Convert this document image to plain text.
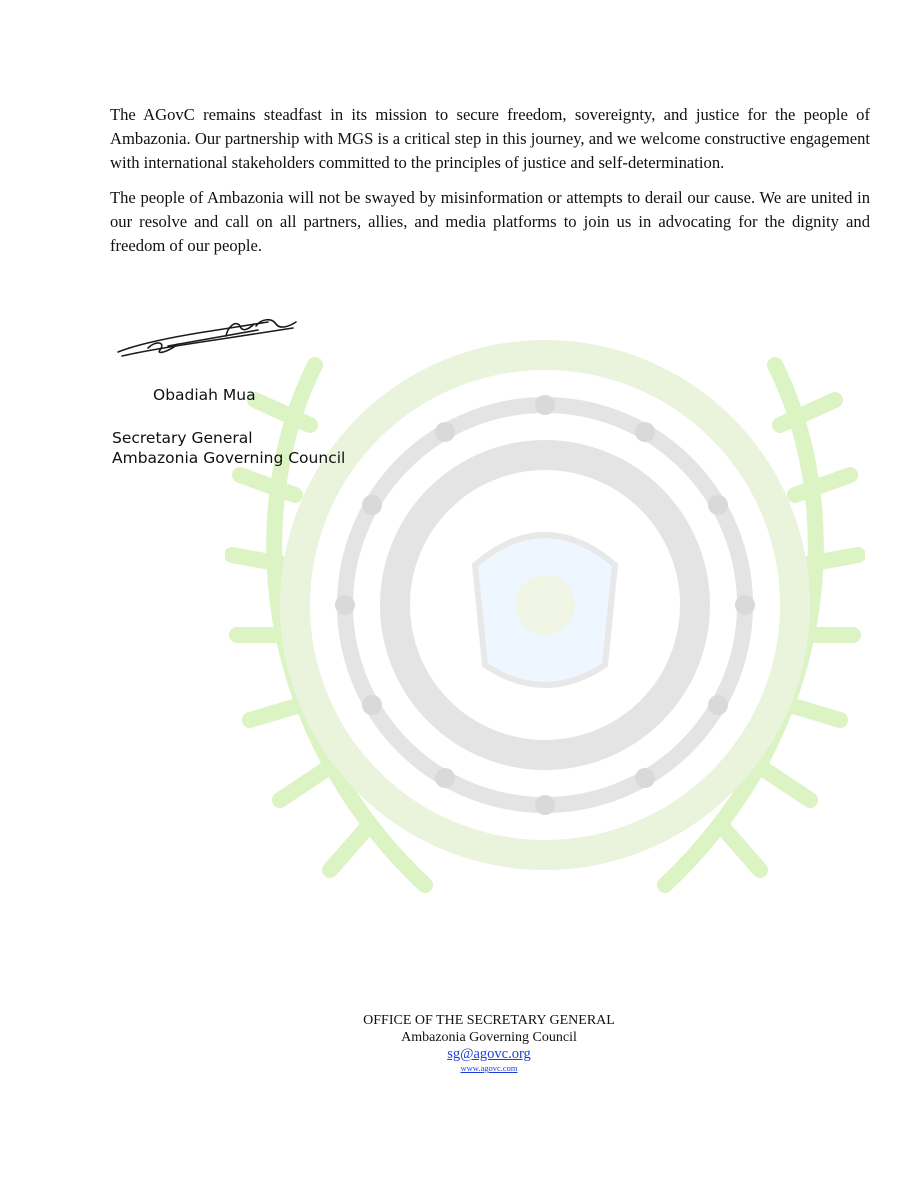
The AGovC remains steadfast in its mission to secure freedom, sovereignty, and justice for the people of Ambazonia. Our partnership with MGS is a critical step in this journey, and we welcome constructive engagement with international stakeholders committed to the principles of justice and self-determination.

The people of Ambazonia will not be swayed by misinformation or attempts to derail our cause. We are united in our resolve and call on all partners, allies, and media platforms to join us in advocating for the dignity and freedom of our people.

Obadiah Mua
Secretary General
Ambazonia Governing Council
OFFICE OF THE SECRETARY GENERAL
Ambazonia Governing Council
sg@agovc.org
www.agovc.com
